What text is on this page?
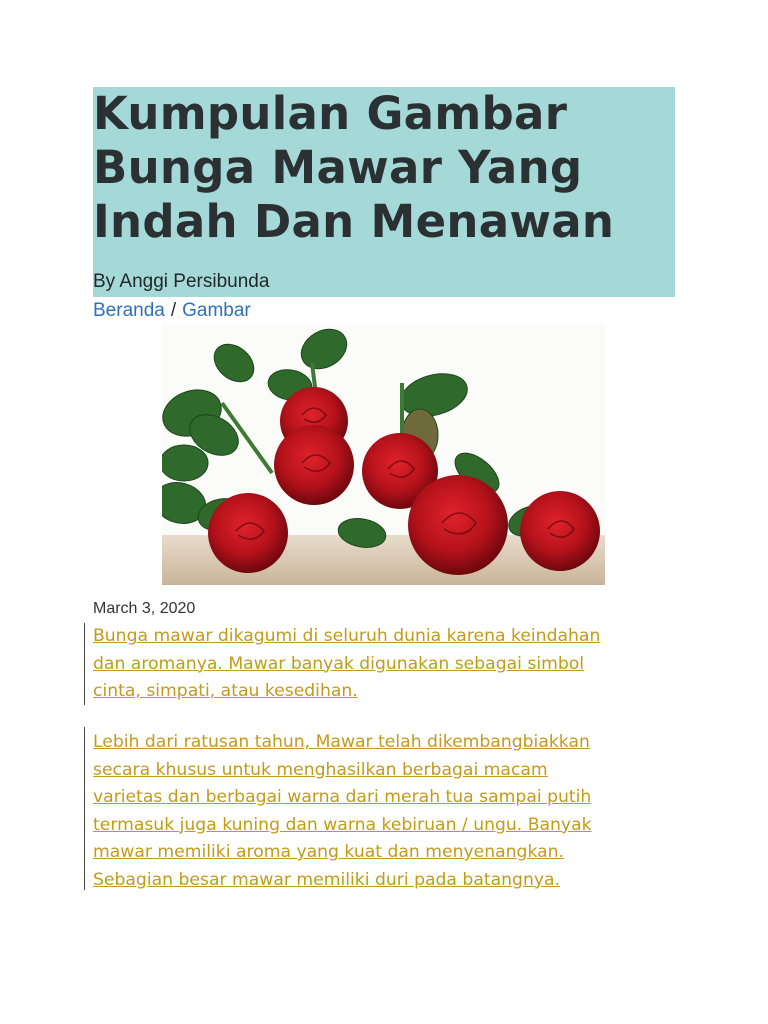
Kumpulan Gambar
Bunga Mawar Yang
Indah Dan Menawan
By Anggi Persibunda
Beranda / Gambar
March 3, 2020
Bunga mawar dikagumi di seluruh dunia karena keindahan
dan aromanya. Mawar banyak digunakan sebagai simbol
cinta, simpati, atau kesedihan.
Lebih dari ratusan tahun, Mawar telah dikembangbiakkan
secara khusus untuk menghasilkan berbagai macam
varietas dan berbagai warna dari merah tua sampai putih
termasuk juga kuning dan warna kebiruan / ungu. Banyak
mawar memiliki aroma yang kuat dan menyenangkan.
Sebagian besar mawar memiliki duri pada batangnya.
